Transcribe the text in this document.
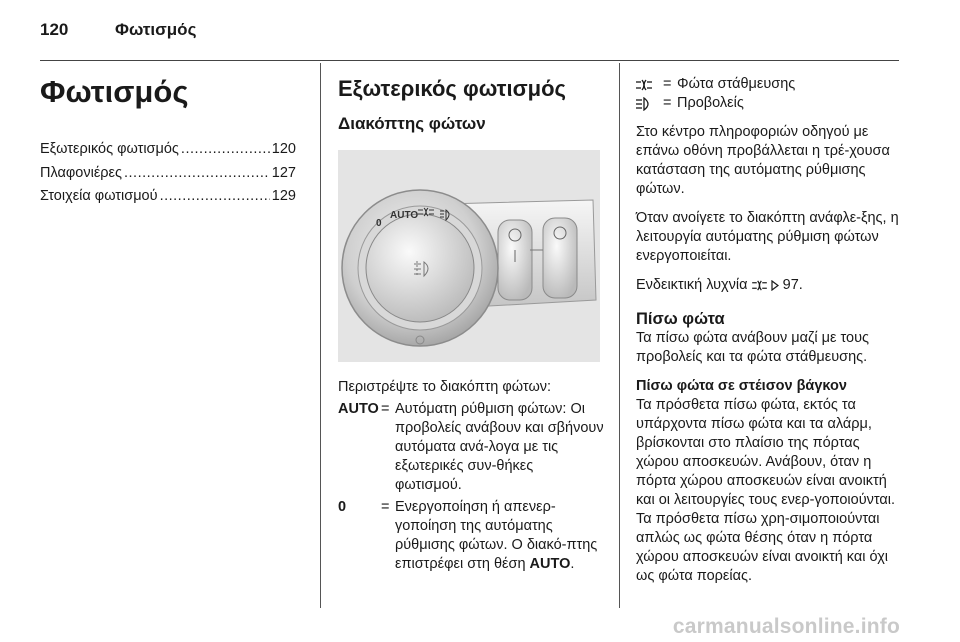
120	Φωτισμός
Φωτισμός
Εξωτερικός φωτισμός .....	120
Πλαφονιέρες .....	127
Στοιχεία φωτισμού .....	129
Εξωτερικός φωτισμός
Διακόπτης φώτων
0
AUTO

Περιστρέψτε το διακόπτη φώτων:

AUTO = Αυτόματη ρύθμιση φώτων: Οι προβολείς ανάβουν και σβήνουν αυτόματα ανά-λογα με τις εξωτερικές συν-θήκες φωτισμού.
0	= Ενεργοποίηση ή απενερ-γοποίηση της αυτόματης ρύθμισης φώτων. Ο διακό-πτης επιστρέφει στη θέση AUTO.
= Φώτα στάθμευσης
= Προβολείς

Στο κέντρο πληροφοριών οδηγού με επάνω οθόνη προβάλλεται η τρέ-χουσα κατάσταση της αυτόματης ρύθμισης φώτων.

Όταν ανοίγετε το διακόπτη ανάφλε-ξης, η λειτουργία αυτόματης ρύθμιση φώτων ενεργοποιείται.

Ενδεικτική λυχνία 97.

Πίσω φώτα

Τα πίσω φώτα ανάβουν μαζί με τους προβολείς και τα φώτα στάθμευσης.

Πίσω φώτα σε στέισον βάγκον

Τα πρόσθετα πίσω φώτα, εκτός τα υπάρχοντα πίσω φώτα και τα αλάρμ, βρίσκονται στο πλαίσιο της πόρτας χώρου αποσκευών. Ανάβουν, όταν η πόρτα χώρου αποσκευών είναι ανοικτή και οι λειτουργίες τους ενερ-γοποιούνται. Τα πρόσθετα πίσω χρη-σιμοποιούνται απλώς ως φώτα θέσης όταν η πόρτα χώρου αποσκευών είναι ανοικτή και όχι ως φώτα πορείας.

carmanualsonline.info
